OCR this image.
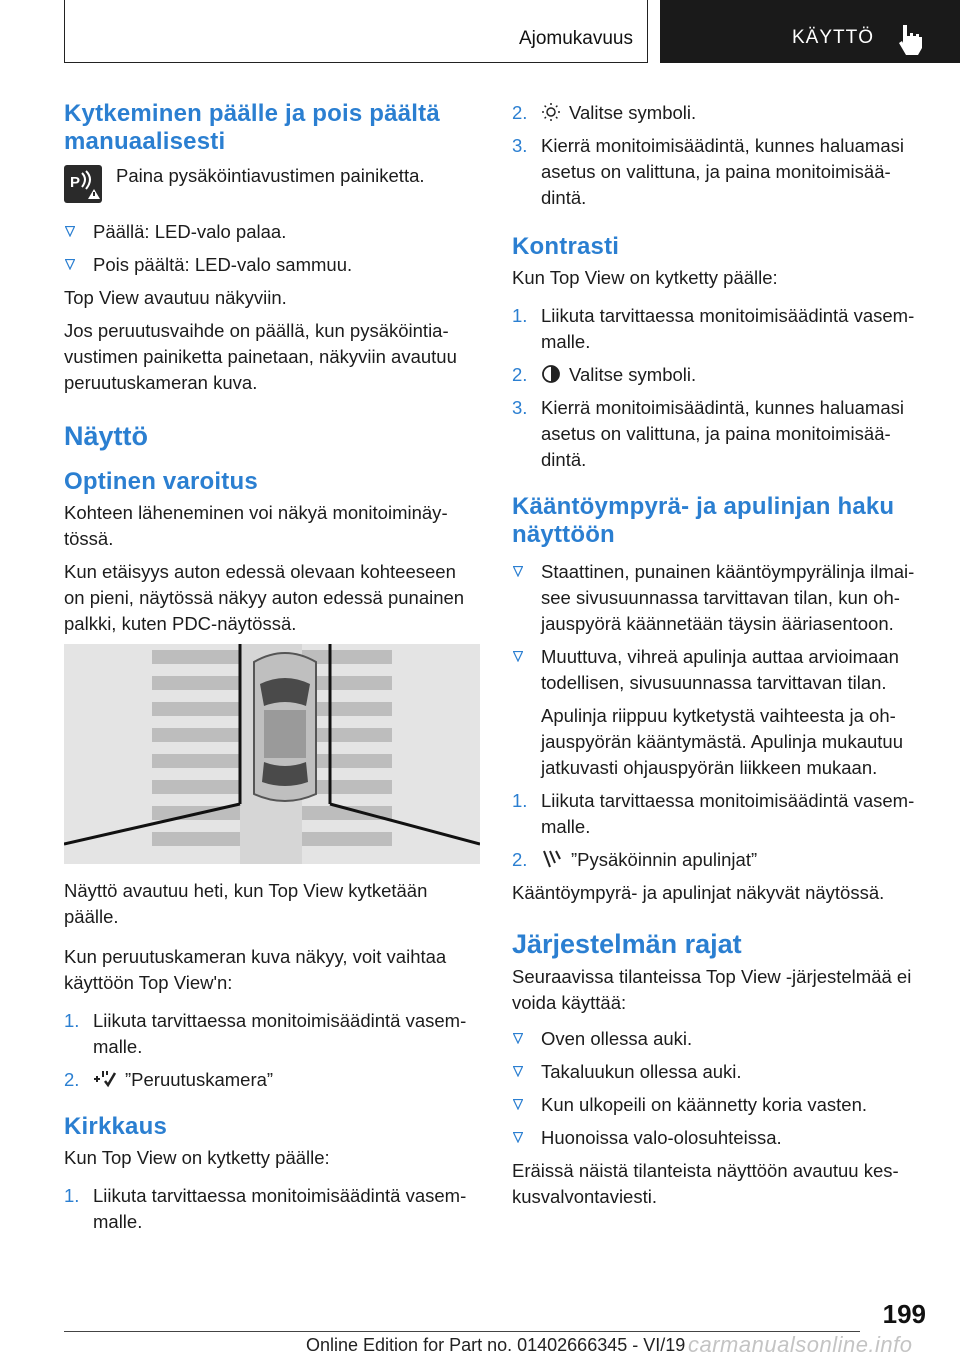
Ajomukavuus	KÄYTTÖ
Kytkeminen päälle ja pois päältä manuaalisesti
P Paina pysäköintiavustimen painiketta.
Päällä: LED-valo palaa.
Pois päältä: LED-valo sammuu.

Top View avautuu näkyviin.

Jos peruutusvaihde on päällä, kun pysäköintiavustimen painiketta painetaan, näkyviin avautuu peruutuskameran kuva.

Näyttö
Optinen varoitus

Kohteen läheneminen voi näkyä monitoiminäytössä.

Kun etäisyys auton edessä olevaan kohteeseen on pieni, näytössä näkyy auton edessä punainen palkki, kuten PDC-näytössä.

Näyttö avautuu heti, kun Top View kytketään päälle.

Kun peruutuskameran kuva näkyy, voit vaihtaa käyttöön Top View'n:

1. Liikuta tarvittaessa monitoimisäädintä vasemmalle.
2. ”Peruutuskamera”
Kirkkaus

Kun Top View on kytketty päälle:

1. Liikuta tarvittaessa monitoimisäädintä vasemmalle.
2. Valitse symboli.
3. Kierrä monitoimisäädintä, kunnes haluamasi asetus on valittuna, ja paina monitoimisäädintä.
Kontrasti

Kun Top View on kytketty päälle:

1. Liikuta tarvittaessa monitoimisäädintä vasemmalle.
2. Valitse symboli.
3. Kierrä monitoimisäädintä, kunnes haluamasi asetus on valittuna, ja paina monitoimisäädintä.
Kääntöympyrä- ja apulinjan haku näyttöön
Staattinen, punainen kääntöympyrälinja ilmaisee sivusuunnassa tarvittavan tilan, kun ohjauspyörä käännetään täysin ääriasentoon.
Muuttuva, vihreä apulinja auttaa arvioimaan todellisen, sivusuunnassa tarvittavan tilan.

Apulinja riippuu kytketystä vaihteesta ja ohjauspyörän kääntymästä. Apulinja mukautuu jatkuvasti ohjauspyörän liikkeen mukaan.

1. Liikuta tarvittaessa monitoimisäädintä vasemmalle.
2. ”Pysäköinnin apulinjat”

Kääntöympyrä- ja apulinjat näkyvät näytössä.

Järjestelmän rajat

Seuraavissa tilanteissa Top View -järjestelmää ei voida käyttää:

Oven ollessa auki.
Takaluukun ollessa auki.
Kun ulkopeili on käännetty koria vasten.
Huonoissa valo-olosuhteissa.

Eräissä näistä tilanteista näyttöön avautuu keskusvalvontaviesti.

199
Online Edition for Part no. 01402666345 - VI/19 carmanualsonline.info
